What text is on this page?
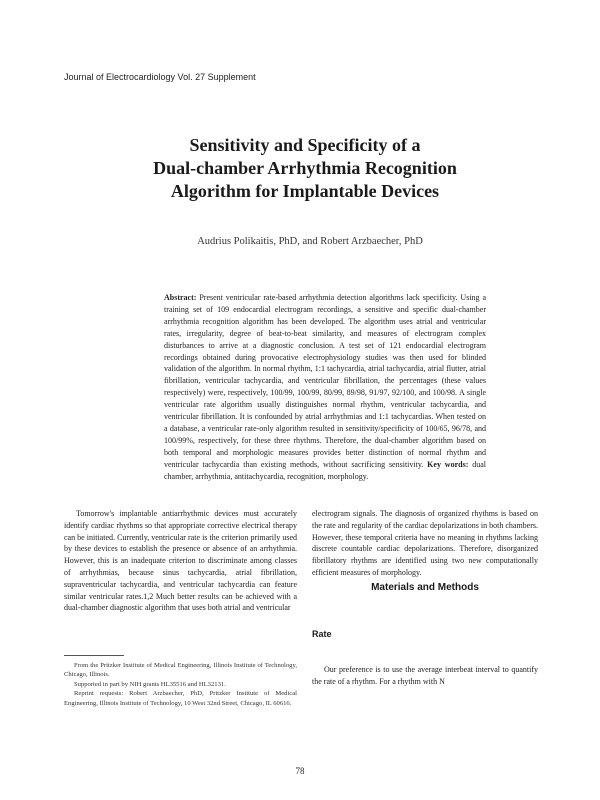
Journal of Electrocardiology Vol. 27 Supplement
Sensitivity and Specificity of a
Dual-chamber Arrhythmia Recognition
Algorithm for Implantable Devices
Audrius Polikaitis, PhD, and Robert Arzbaecher, PhD
Abstract: Present ventricular rate-based arrhythmia detection algorithms lack specificity. Using a training set of 109 endocardial electrogram recordings, a sensitive and specific dual-chamber arrhythmia recognition algorithm has been developed. The algorithm uses atrial and ventricular rates, irregularity, degree of beat-to-beat similarity, and measures of electrogram complex disturbances to arrive at a diagnostic conclusion. A test set of 121 endocardial electrogram recordings obtained during provocative electrophysiology studies was then used for blinded validation of the algorithm. In normal rhythm, 1:1 tachycardia, atrial tachycardia, atrial flutter, atrial fibrillation, ventricular tachycardia, and ventricular fibrillation, the percentages (these values respectively) were, respectively, 100/99, 100/99, 80/99, 89/98, 91/97, 92/100, and 100/98. A single ventricular rate algorithm usually distinguishes normal rhythm, ventricular tachycardia, and ventricular fibrillation. It is confounded by atrial arrhythmias and 1:1 tachycardias. When tested on a database, a ventricular rate-only algorithm resulted in sensitivity/specificity of 100/65, 96/78, and 100/99%, respectively, for these three rhythms. Therefore, the dual-chamber algorithm based on both temporal and morphologic measures provides better distinction of normal rhythm and ventricular tachycardia than existing methods, without sacrificing sensitivity. Key words: dual chamber, arrhythmia, antitachycardia, recognition, morphology.

Tomorrow's implantable antiarrhythmic devices must accurately identify cardiac rhythms so that appropriate corrective electrical therapy can be initiated. Currently, ventricular rate is the criterion primarily used by these devices to establish the presence or absence of an arrhythmia. However, this is an inadequate criterion to discriminate among classes of arrhythmias, because sinus tachycardia, atrial fibrillation, supraventricular tachycardia, and ventricular tachycardia can feature similar ventricular rates.1,2 Much better results can be achieved with a dual-chamber diagnostic algorithm that uses both atrial and ventricular

From the Pritzker Institute of Medical Engineering, Illinois Institute of Technology, Chicago, Illinois.

Supported in part by NIH grants HL35516 and HL32131.

Reprint requests: Robert Arzbaecher, PhD, Pritzker Institute of Medical Engineering, Illinois Institute of Technology, 10 West 32nd Street, Chicago, IL 60616.

electrogram signals. The diagnosis of organized rhythms is based on the rate and regularity of the cardiac depolarizations in both chambers. However, these temporal criteria have no meaning in rhythms lacking discrete countable cardiac depolarizations. Therefore, disorganized fibrillatory rhythms are identified using two new computationally efficient measures of morphology.

Materials and Methods
Rate

Our preference is to use the average interbeat interval to quantify the rate of a rhythm. For a rhythm with N

78
